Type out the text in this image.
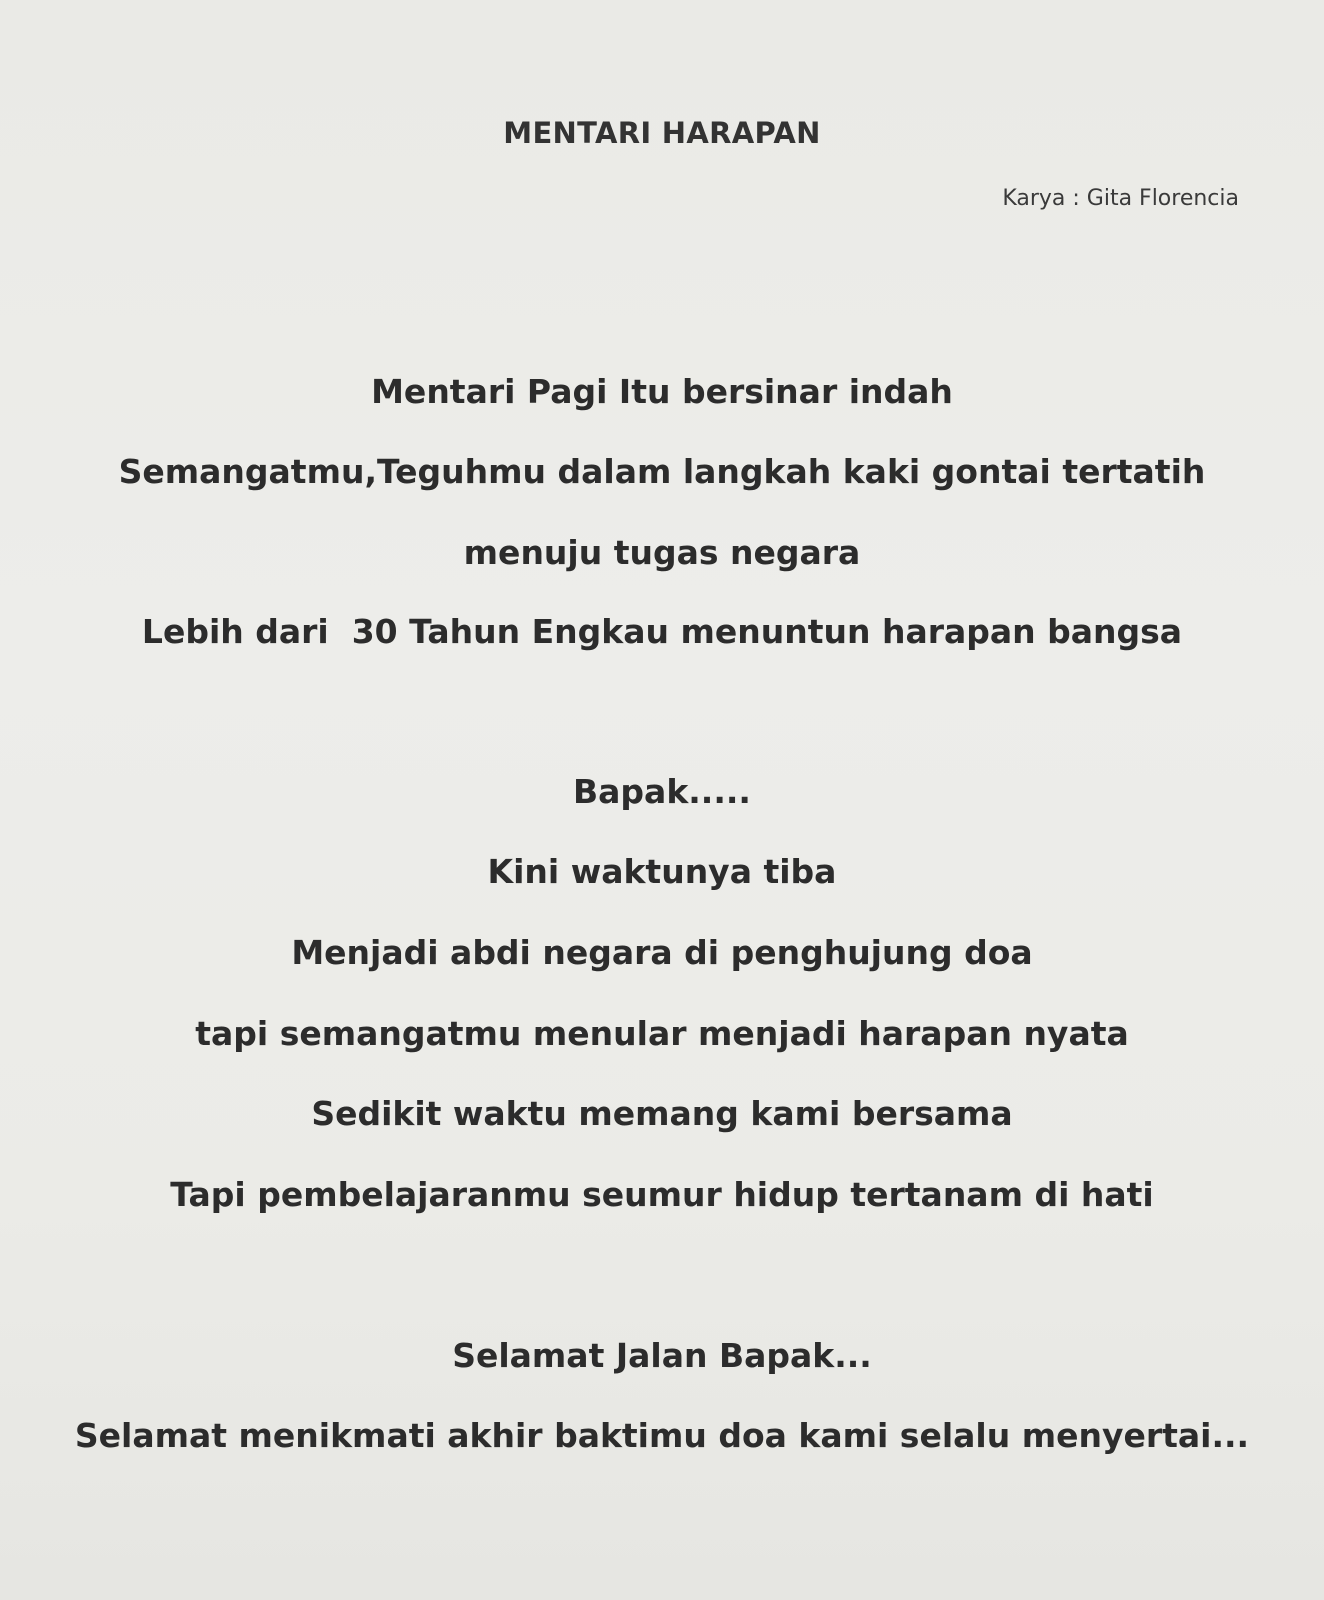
MENTARI HARAPAN
Karya : Gita Florencia
Mentari Pagi Itu bersinar indah
Semangatmu,Teguhmu dalam langkah kaki gontai tertatih
menuju tugas negara
Lebih dari  30 Tahun Engkau menuntun harapan bangsa
Bapak.....
Kini waktunya tiba
Menjadi abdi negara di penghujung doa
tapi semangatmu menular menjadi harapan nyata
Sedikit waktu memang kami bersama
Tapi pembelajaranmu seumur hidup tertanam di hati
Selamat Jalan Bapak...
Selamat menikmati akhir baktimu doa kami selalu menyertai...
